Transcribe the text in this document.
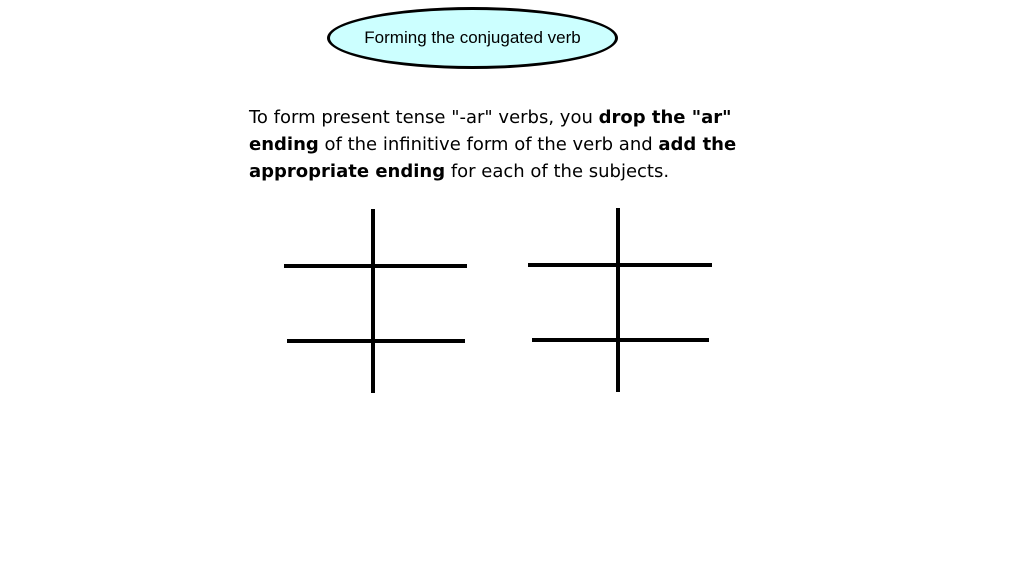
Forming the conjugated verb

To form present tense "-ar" verbs, you drop the "ar" ending of the infinitive form of the verb and add the appropriate ending for each of the subjects.
